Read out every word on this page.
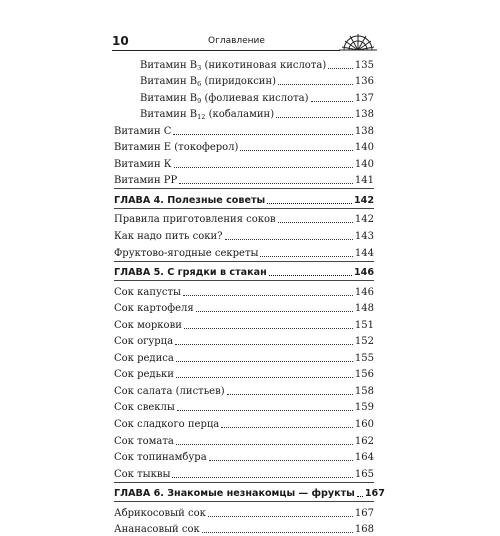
10	Оглавление
Витамин $B_3$ (никотиновая кислота)	135
Витамин $B_6$ (пиридоксин)	136
Витамин $B_9$ (фолиевая кислота)	137
Витамин $B_{12}$ (кобаламин)	138
Витамин С	138
Витамин Е (токоферол)	140
Витамин К	140
Витамин РР	141
ГЛАВА 4. Полезные советы	142
Правила приготовления соков	142
Как надо пить соки?	143
Фруктово-ягодные секреты	144
ГЛАВА 5. С грядки в стакан	146
Сок капусты	146
Сок картофеля	148
Сок моркови	151
Сок огурца	152
Сок редиса	155
Сок редьки	156
Сок салата (листьев)	158
Сок свеклы	159
Сок сладкого перца	160
Сок томата	162
Сок топинамбура	164
Сок тыквы	165
ГЛАВА 6. Знакомые незнакомцы — фрукты 167
Абрикосовый сок	167
Ананасовый сок	168
